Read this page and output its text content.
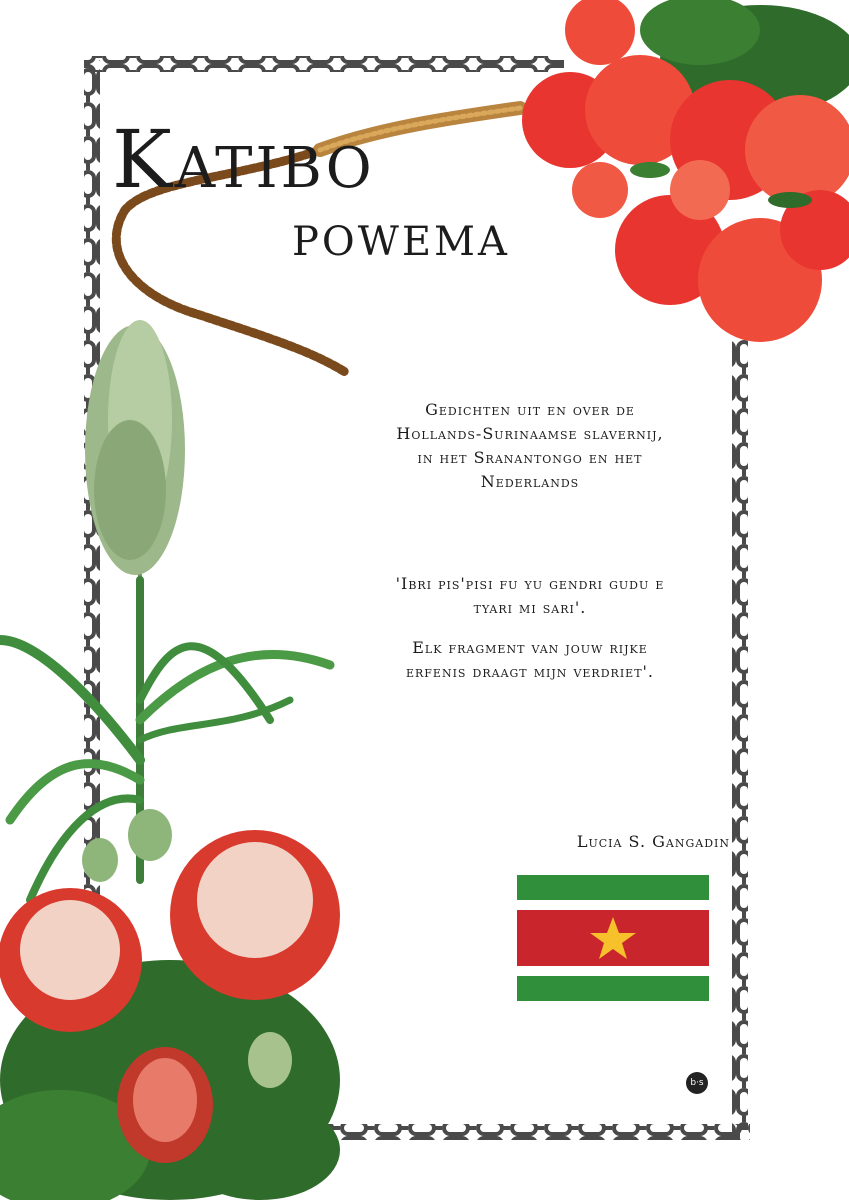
Katibo
POWEMA
Gedichten uit en over de
Hollands-Surinaamse slavernij,
in het Sranantongo en het
Nederlands
'Ibri pis'pisi fu yu gendri gudu e
tyari mi sari'.
Elk fragment van jouw rijke
erfenis draagt mijn verdriet'.
Lucia S. Gangadin
b·s
